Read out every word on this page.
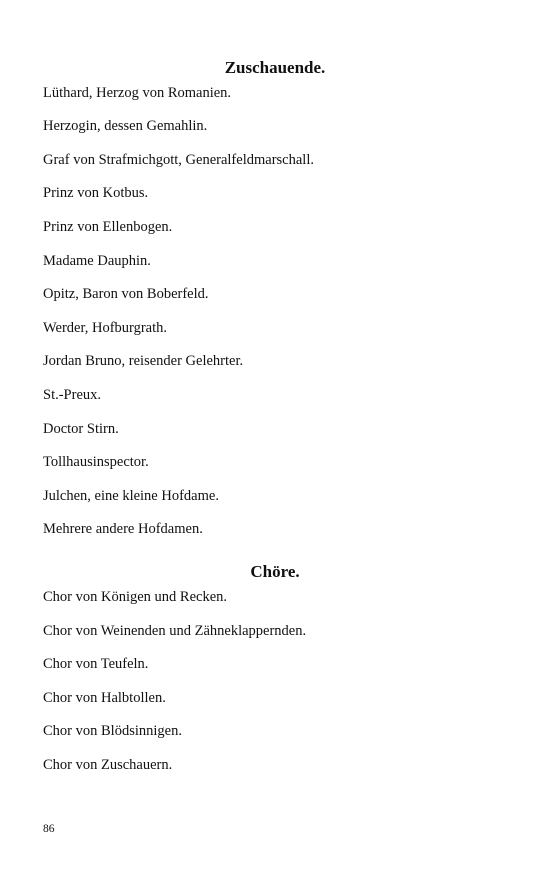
Zuschauende.

Lüthard, Herzog von Romanien.

Herzogin, dessen Gemahlin.

Graf von Strafmichgott, Generalfeldmarschall.

Prinz von Kotbus.

Prinz von Ellenbogen.

Madame Dauphin.

Opitz, Baron von Boberfeld.

Werder, Hofburgrath.

Jordan Bruno, reisender Gelehrter.

St.-Preux.

Doctor Stirn.

Tollhausinspector.

Julchen, eine kleine Hofdame.

Mehrere andere Hofdamen.

Chöre.

Chor von Königen und Recken.

Chor von Weinenden und Zähneklappernden.

Chor von Teufeln.

Chor von Halbtollen.

Chor von Blödsinnigen.

Chor von Zuschauern.

86
